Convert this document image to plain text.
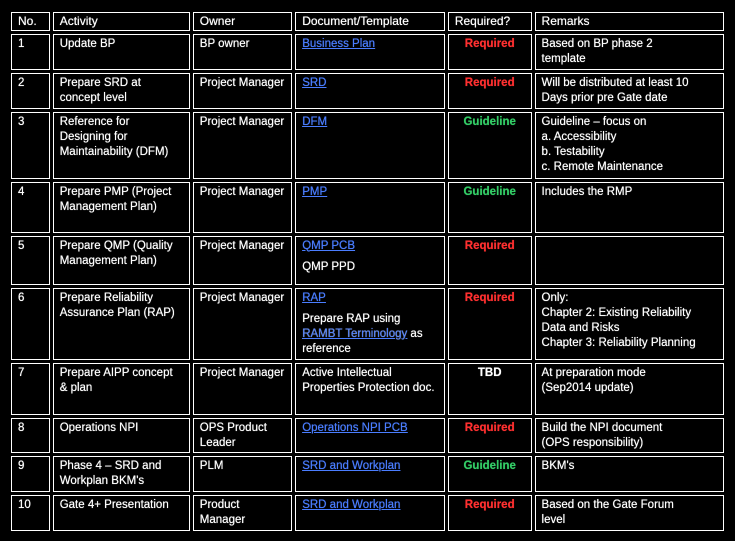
No.	Activity	Owner	Document/Template	Required?	Remarks
1	Update BP	BP owner	Business Plan	Required	Based on BP phase 2
template

2	Prepare SRD at concept level	Project Manager	SRD	Required	Will be distributed at least 10
Days prior pre Gate date

3	Reference for Designing for Maintainability (DFM)	Project Manager	DFM	Guideline	Guideline – focus on
a. Accessibility
b. Testability
c. Remote Maintenance

4	Prepare PMP (Project Management Plan)	Project Manager	PMP	Guideline	Includes the RMP

5	Prepare QMP (Quality Management Plan)	Project Manager	QMP PCB
QMP PPD	Required	
6	Prepare Reliability Assurance Plan (RAP)	Project Manager	RAP
Prepare RAP using
RAMBT Terminology as reference	Required	Only:
Chapter 2: Existing Reliability Data and Risks
Chapter 3: Reliability Planning

7	Prepare AIPP concept & plan	Project Manager	Active Intellectual Properties Protection doc.	TBD	At preparation mode
(Sep2014 update)

8	Operations NPI	OPS Product Leader	Operations NPI PCB	Required	Build the NPI document
(OPS responsibility)

9	Phase 4 – SRD and Workplan BKM's	PLM	SRD and Workplan	Guideline	BKM's

10	Gate 4+ Presentation	Product Manager	SRD and Workplan	Required	Based on the Gate Forum
level
